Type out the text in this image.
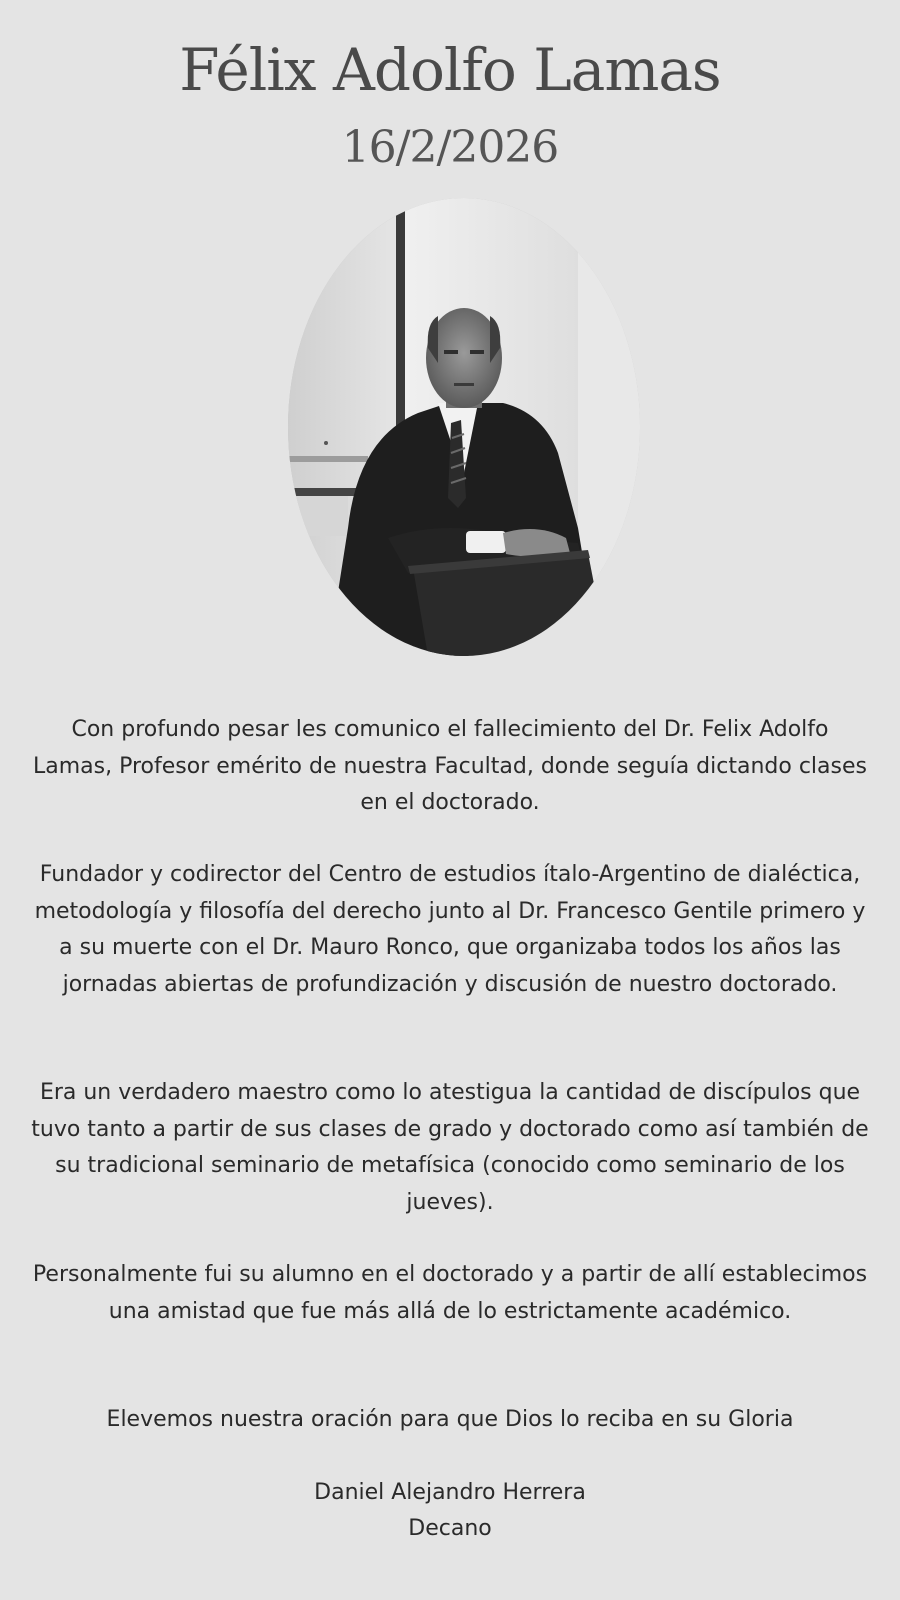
Félix Adolfo Lamas
16/2/2026

Con profundo pesar les comunico el fallecimiento del Dr. Felix Adolfo Lamas, Profesor emérito de nuestra Facultad, donde seguía dictando clases en el doctorado.

Fundador y codirector del Centro de estudios ítalo-Argentino de dialéctica, metodología y filosofía del derecho junto al Dr. Francesco Gentile primero y a su muerte con el Dr. Mauro Ronco, que organizaba todos los años las jornadas abiertas de profundización y discusión de nuestro doctorado.

Era un verdadero maestro como lo atestigua la cantidad de discípulos que tuvo tanto a partir de sus clases de grado y doctorado como así también de su tradicional seminario de metafísica (conocido como seminario de los jueves).

Personalmente fui su alumno en el doctorado y a partir de allí establecimos una amistad que fue más allá de lo estrictamente académico.

Elevemos nuestra oración para que Dios lo reciba en su Gloria

Daniel Alejandro Herrera
Decano
